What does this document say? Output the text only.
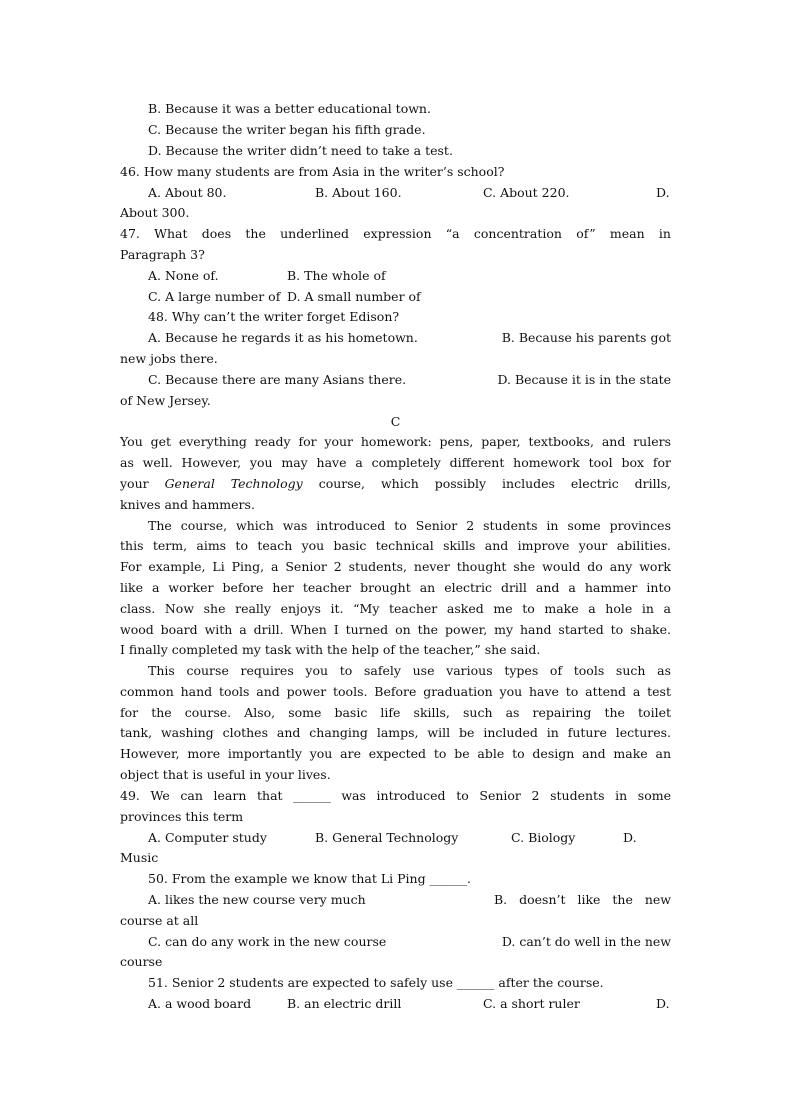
B. Because it was a better educational town.
C. Because the writer began his fifth grade.
D. Because the writer didn’t need to take a test.
46. How many students are from Asia in the writer’s school?
A. About 80.	B. About 160.	C. About 220.	D.
About 300.
47. What does the underlined expression “a concentration of” mean in
Paragraph 3?
A. None of.	B. The whole of
C. A large number of D. A small number of
48. Why can’t the writer forget Edison?
A. Because he regards it as his hometown.	B. Because his parents got
new jobs there.
C. Because there are many Asians there.	D. Because it is in the state
of New Jersey.
C
You get everything ready for your homework: pens, paper, textbooks, and rulers
as well. However, you may have a completely different homework tool box for
your General Technology course, which possibly includes electric drills,
knives and hammers.
The course, which was introduced to Senior 2 students in some provinces
this term, aims to teach you basic technical skills and improve your abilities.
For example, Li Ping, a Senior 2 students, never thought she would do any work
like a worker before her teacher brought an electric drill and a hammer into
class. Now she really enjoys it. “My teacher asked me to make a hole in a
wood board with a drill. When I turned on the power, my hand started to shake.
I finally completed my task with the help of the teacher,” she said.
This course requires you to safely use various types of tools such as
common hand tools and power tools. Before graduation you have to attend a test
for the course. Also, some basic life skills, such as repairing the toilet
tank, washing clothes and changing lamps, will be included in future lectures.
However, more importantly you are expected to be able to design and make an
object that is useful in your lives.
49. We can learn that ______ was introduced to Senior 2 students in some
provinces this term
A. Computer study	B. General Technology	C. Biology	D.
Music
50. From the example we know that Li Ping ______.
A. likes the new course very much	B. doesn’t like the new
course at all
C. can do any work in the new course	D. can’t do well in the new
course
51. Senior 2 students are expected to safely use ______ after the course.
A. a wood board	B. an electric drill	C. a short ruler	D.
